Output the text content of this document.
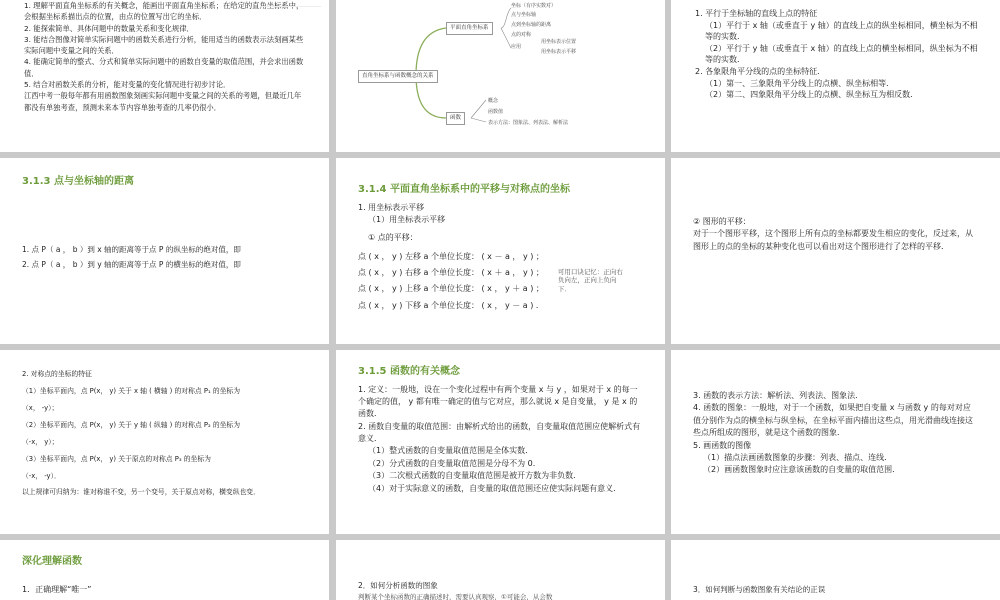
1. 理解平面直角坐标系的有关概念，能画出平面直角坐标系；在给定的直角坐标系中，会根据坐标系描出点的位置，由点的位置写出它的坐标．

2. 能探索简单、具体问题中的数量关系和变化规律．

3. 能结合图像对简单实际问题中的函数关系进行分析，能用适当的函数表示法刻画某些实际问题中变量之间的关系．

4. 能确定简单的整式、分式和简单实际问题中的函数自变量的取值范围，并会求出函数值．

5. 结合对函数关系的分析，能对变量的变化情况进行初步讨论．

江西中考一般每年都有用函数图象刻画实际问题中变量之间的关系的考题，但最近几年都没有单独考查，预测未来本节内容单独考查的几率仍很小．

直角坐标系与函数概念的关系
平面直角坐标系
函数
坐标（有序实数对）
点与坐标轴
点到坐标轴的距离
点的对称
应用
用坐标表示位置
用坐标表示平移
概念
函数值
表示方法：图象法、列表法、解析法

1. 平行于坐标轴的直线上点的特征

（1）平行于 x 轴（或垂直于 y 轴）的直线上点的纵坐标相同，横坐标为不相等的实数．

（2）平行于 y 轴（或垂直于 x 轴）的直线上点的横坐标相同，纵坐标为不相等的实数．

2. 各象限角平分线的点的坐标特征．

（1）第一、三象限角平分线上的点横、纵坐标相等．

（2）第二、四象限角平分线上的点横、纵坐标互为相反数．

3.1.3 点与坐标轴的距离

1. 点 P（ a ， b ）到 x 轴的距离等于点 P 的纵坐标的绝对值，即

2. 点 P（ a ， b ）到 y 轴的距离等于点 P 的横坐标的绝对值，即

3.1.4 平面直角坐标系中的平移与对称点的坐标

1. 用坐标表示平移

（1）用坐标表示平移

① 点的平移：

点 ( x ， y ) 左移 a 个单位长度： ( x － a ， y ) ；

点 ( x ， y ) 右移 a 个单位长度： ( x ＋ a ， y ) ；

点 ( x ， y ) 上移 a 个单位长度： ( x ， y ＋ a ) ；

点 ( x ， y ) 下移 a 个单位长度： ( x ， y － a ) ．

可用口诀记忆：正向右负向左，正向上负向下．

② 图形的平移：

对于一个图形平移，这个图形上所有点的坐标都要发生相应的变化，反过来，从图形上的点的坐标的某种变化也可以看出对这个图形进行了怎样的平移．

2. 对称点的坐标的特征

（1）坐标平面内，点 P(x， y) 关于 x 轴 ( 横轴 ) 的对称点 P₁ 的坐标为

（x， -y）；

（2）坐标平面内，点 P(x， y) 关于 y 轴 ( 纵轴 ) 的对称点 P₂ 的坐标为

（-x， y）；

（3）坐标平面内，点 P(x， y) 关于原点的对称点 P₃ 的坐标为

（-x， -y）．

以上规律可归纳为：谁对称谁不变，另一个变号，关于原点对称，横变纵也变．

3.1.5 函数的有关概念

1. 定义：一般地，设在一个变化过程中有两个变量 x 与 y ，如果对于 x 的每一个确定的值， y 都有唯一确定的值与它对应，那么就说 x 是自变量， y 是 x 的函数．

2. 函数自变量的取值范围：由解析式给出的函数，自变量取值范围应使解析式有意义．

（1）整式函数的自变量取值范围是全体实数．

（2）分式函数的自变量取值范围是分母不为 0.

（3）二次根式函数的自变量取值范围是被开方数为非负数．

（4）对于实际意义的函数，自变量的取值范围还应使实际问题有意义．

3. 函数的表示方法：解析法、列表法、图象法．

4. 函数的图象：一般地，对于一个函数，如果把自变量 x 与函数 y 的每对对应值分别作为点的横坐标与纵坐标，在坐标平面内描出这些点，用光滑曲线连接这些点所组成的图形，就是这个函数的图象．

5. 画函数的图像

（1）描点法画函数图象的步骤：列表、描点、连线．

（2）画函数图象时应注意该函数的自变量的取值范围．

深化理解函数

1．正确理解“唯一”	2．如何分析函数的图象

判断某个坐标函数的正确描述时，需要认真观察，①可能会，从会数

3．如何判断与函数图象有关结论的正误
